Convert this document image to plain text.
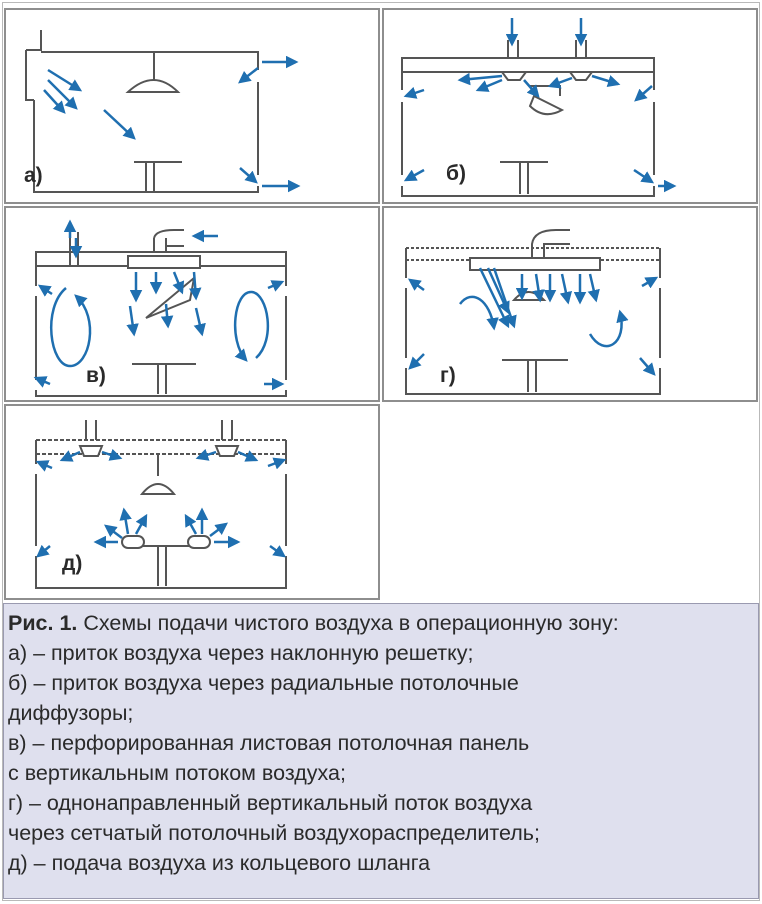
а)	б)
в)	г)
д)
Рис. 1. Схемы подачи чистого воздуха в операционную зону:
а) – приток воздуха через наклонную решетку;
б) – приток воздуха через радиальные потолочные
диффузоры;
в) – перфорированная листовая потолочная панель
с вертикальным потоком воздуха;
г) – однонаправленный вертикальный поток воздуха
через сетчатый потолочный воздухораспределитель;
д) – подача воздуха из кольцевого шланга
